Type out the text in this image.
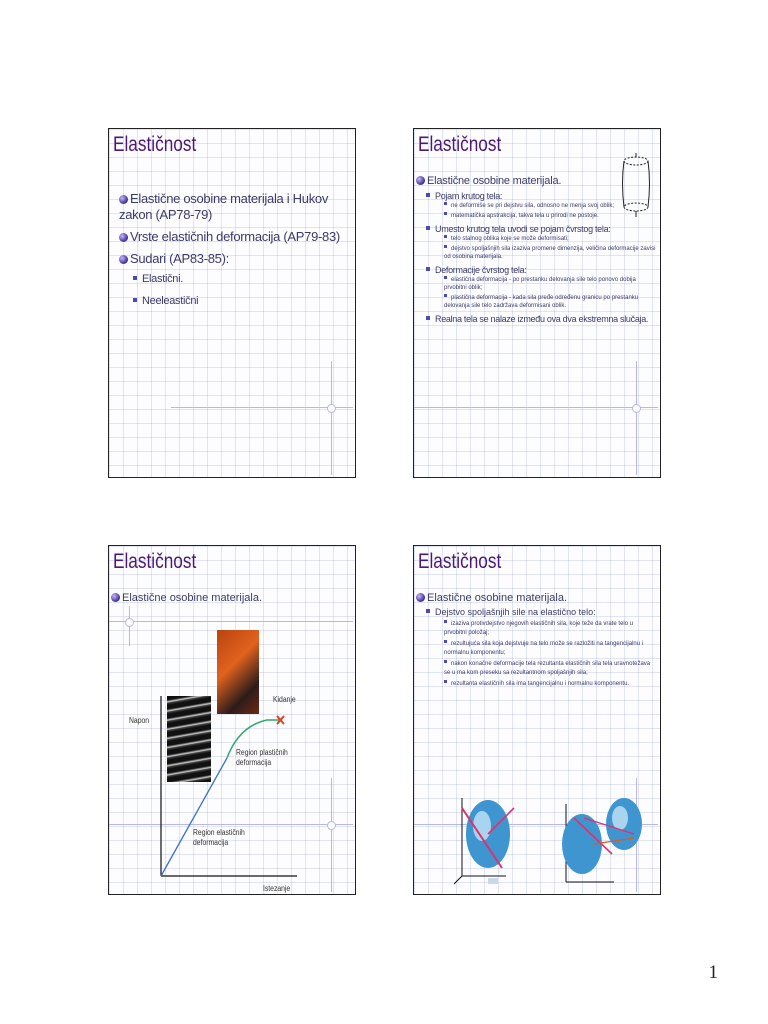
Elastičnost
Elastične osobine materijala i Hukov zakon (AP78-79)
Vrste elastičnih deformacija (AP79-83)
Sudari (AP83-85):
Elastični.
Neeleastični
Elastičnost
Elastične osobine materijala.
Pojam krutog tela:
ne deformiše se pri dejstvu sila, odnosno ne menja svoj oblik;
matematička apstrakcija, takva tela u prirodi ne postoje.
Umesto krutog tela uvodi se pojam čvrstog tela:
telo stalnog oblika koje se može deformisati;
dejstvo spoljašnjih sila izaziva promene dimenzija, veličina deformacije zavisi od osobina materijala.
Deformacije čvrstog tela:
elastična deformacija - po prestanku delovanja sile telo ponovo dobija prvobitni oblik;
plastična deformacija - kada sila pređe određenu granicu po prestanku delovanja sile telo zadržava deformisani oblik.
Realna tela se nalaze između ova dva ekstremna slučaja.
Elastičnost
Elastične osobine materijala.
Napon
Kidanje
Region plastičnih deformacija
Region elastičnih deformacija
Istezanje
Elastičnost
Elastične osobine materijala.
Dejstvo spoljašnjih sile na elastično telo:
izaziva protivdejstvo njegovih elastičnih sila, koje teže da vrate telo u prvobitni položaj;
rezultujuća sila koja dejstvuje na telo može se razložiti na tangencijalnu i normalnu komponentu;
nakon konačne deformacije tela rezultanta elastičnih sila tela uravnotežava se u ma kom preseku sa rezultantnom spoljašnjih sila;
rezultanta elastičnih sila ima tangencijalnu i normalnu komponentu.
1
